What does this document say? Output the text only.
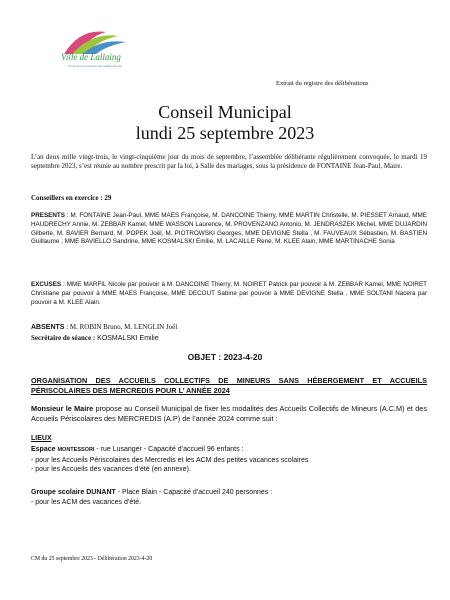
Ville de Lallaing
Communes associées de Lallaing-Douai
Extrait du registre des délibérations
Conseil Municipal
lundi 25 septembre 2023
L’an deux mille vingt-trois, le vingt-cinquième jour du mois de septembre, l’assemblée délibérante régulièrement convoquée, le mardi 19 septembre 2023, s’est réunie au nombre prescrit par la loi, à Salle des mariages, sous la présidence de FONTAINE Jean-Paul, Maire.
Conseillers en exercice : 29
PRESENTS : M. FONTAINE Jean-Paul, MME MAES Françoise, M. DANCOINE Thierry, MME MARTIN Christelle, M. PIESSET Arnaud, MME HAUDRECHY Annie, M. ZEBBAR Kamel, MME WASSON Laurence, M. PROVENZANO Antonio, M. JENDRASZEK Michel, MME DUJARDIN Gilberte, M. BAVIER Bernard, M. POPEK Joël, M. PIOTROWSKI Georges, MME DEVIGNE Stella , M. FAUVEAUX Sébastien, M. BASTIEN Guillaume , MME BAVIELLO Sandrine, MME KOSMALSKI Emilie, M. LACAILLE René, M. KLEE Alain, MME MARTINACHE Sonia
EXCUSES : MME MARFIL Nicole par pouvoir à M. DANCOINE Thierry, M. NOIRET Patrick par pouvoir à M. ZEBBAR Kamel, MME NOIRET Christiane par pouvoir à MME MAES Françoise, MME DECOUT Sabine par pouvoir à MME DEVIGNE Stella , MME SOLTANI Nacera par pouvoir à M. KLEE Alain.
ABSENTS : M. ROBIN Bruno, M. LENGLIN Joël
Secrétaire de séance : KOSMALSKI Emilie
OBJET : 2023-4-20
ORGANISATION DES ACCUEILS COLLECTIFS DE MINEURS SANS HÉBERGEMENT ET ACCUEILS PÉRISCOLAIRES DES MERCREDIS POUR L’ ANNÉE 2024
Monsieur le Maire propose au Conseil Municipal de fixer les modalités des Accueils Collectifs de Mineurs (A.C.M) et des Accueils Périscolaires des MERCREDIS (A.P) de l’année 2024 comme suit :
LIEUX
Espace MONTESSORI - rue Lusanger - Capacité d’accueil 96 enfants :
- pour les Accueils Périscolaires des Mercredis et les ACM des petites vacances scolaires
- pour les Accueils des vacances d’été (en annexe).
Groupe scolaire DUNANT - Place Blain - Capacité d’accueil 240 personnes :
- pour les ACM des vacances d’été.
CM du 25 septembre 2023 - Délibération 2023-4-20
